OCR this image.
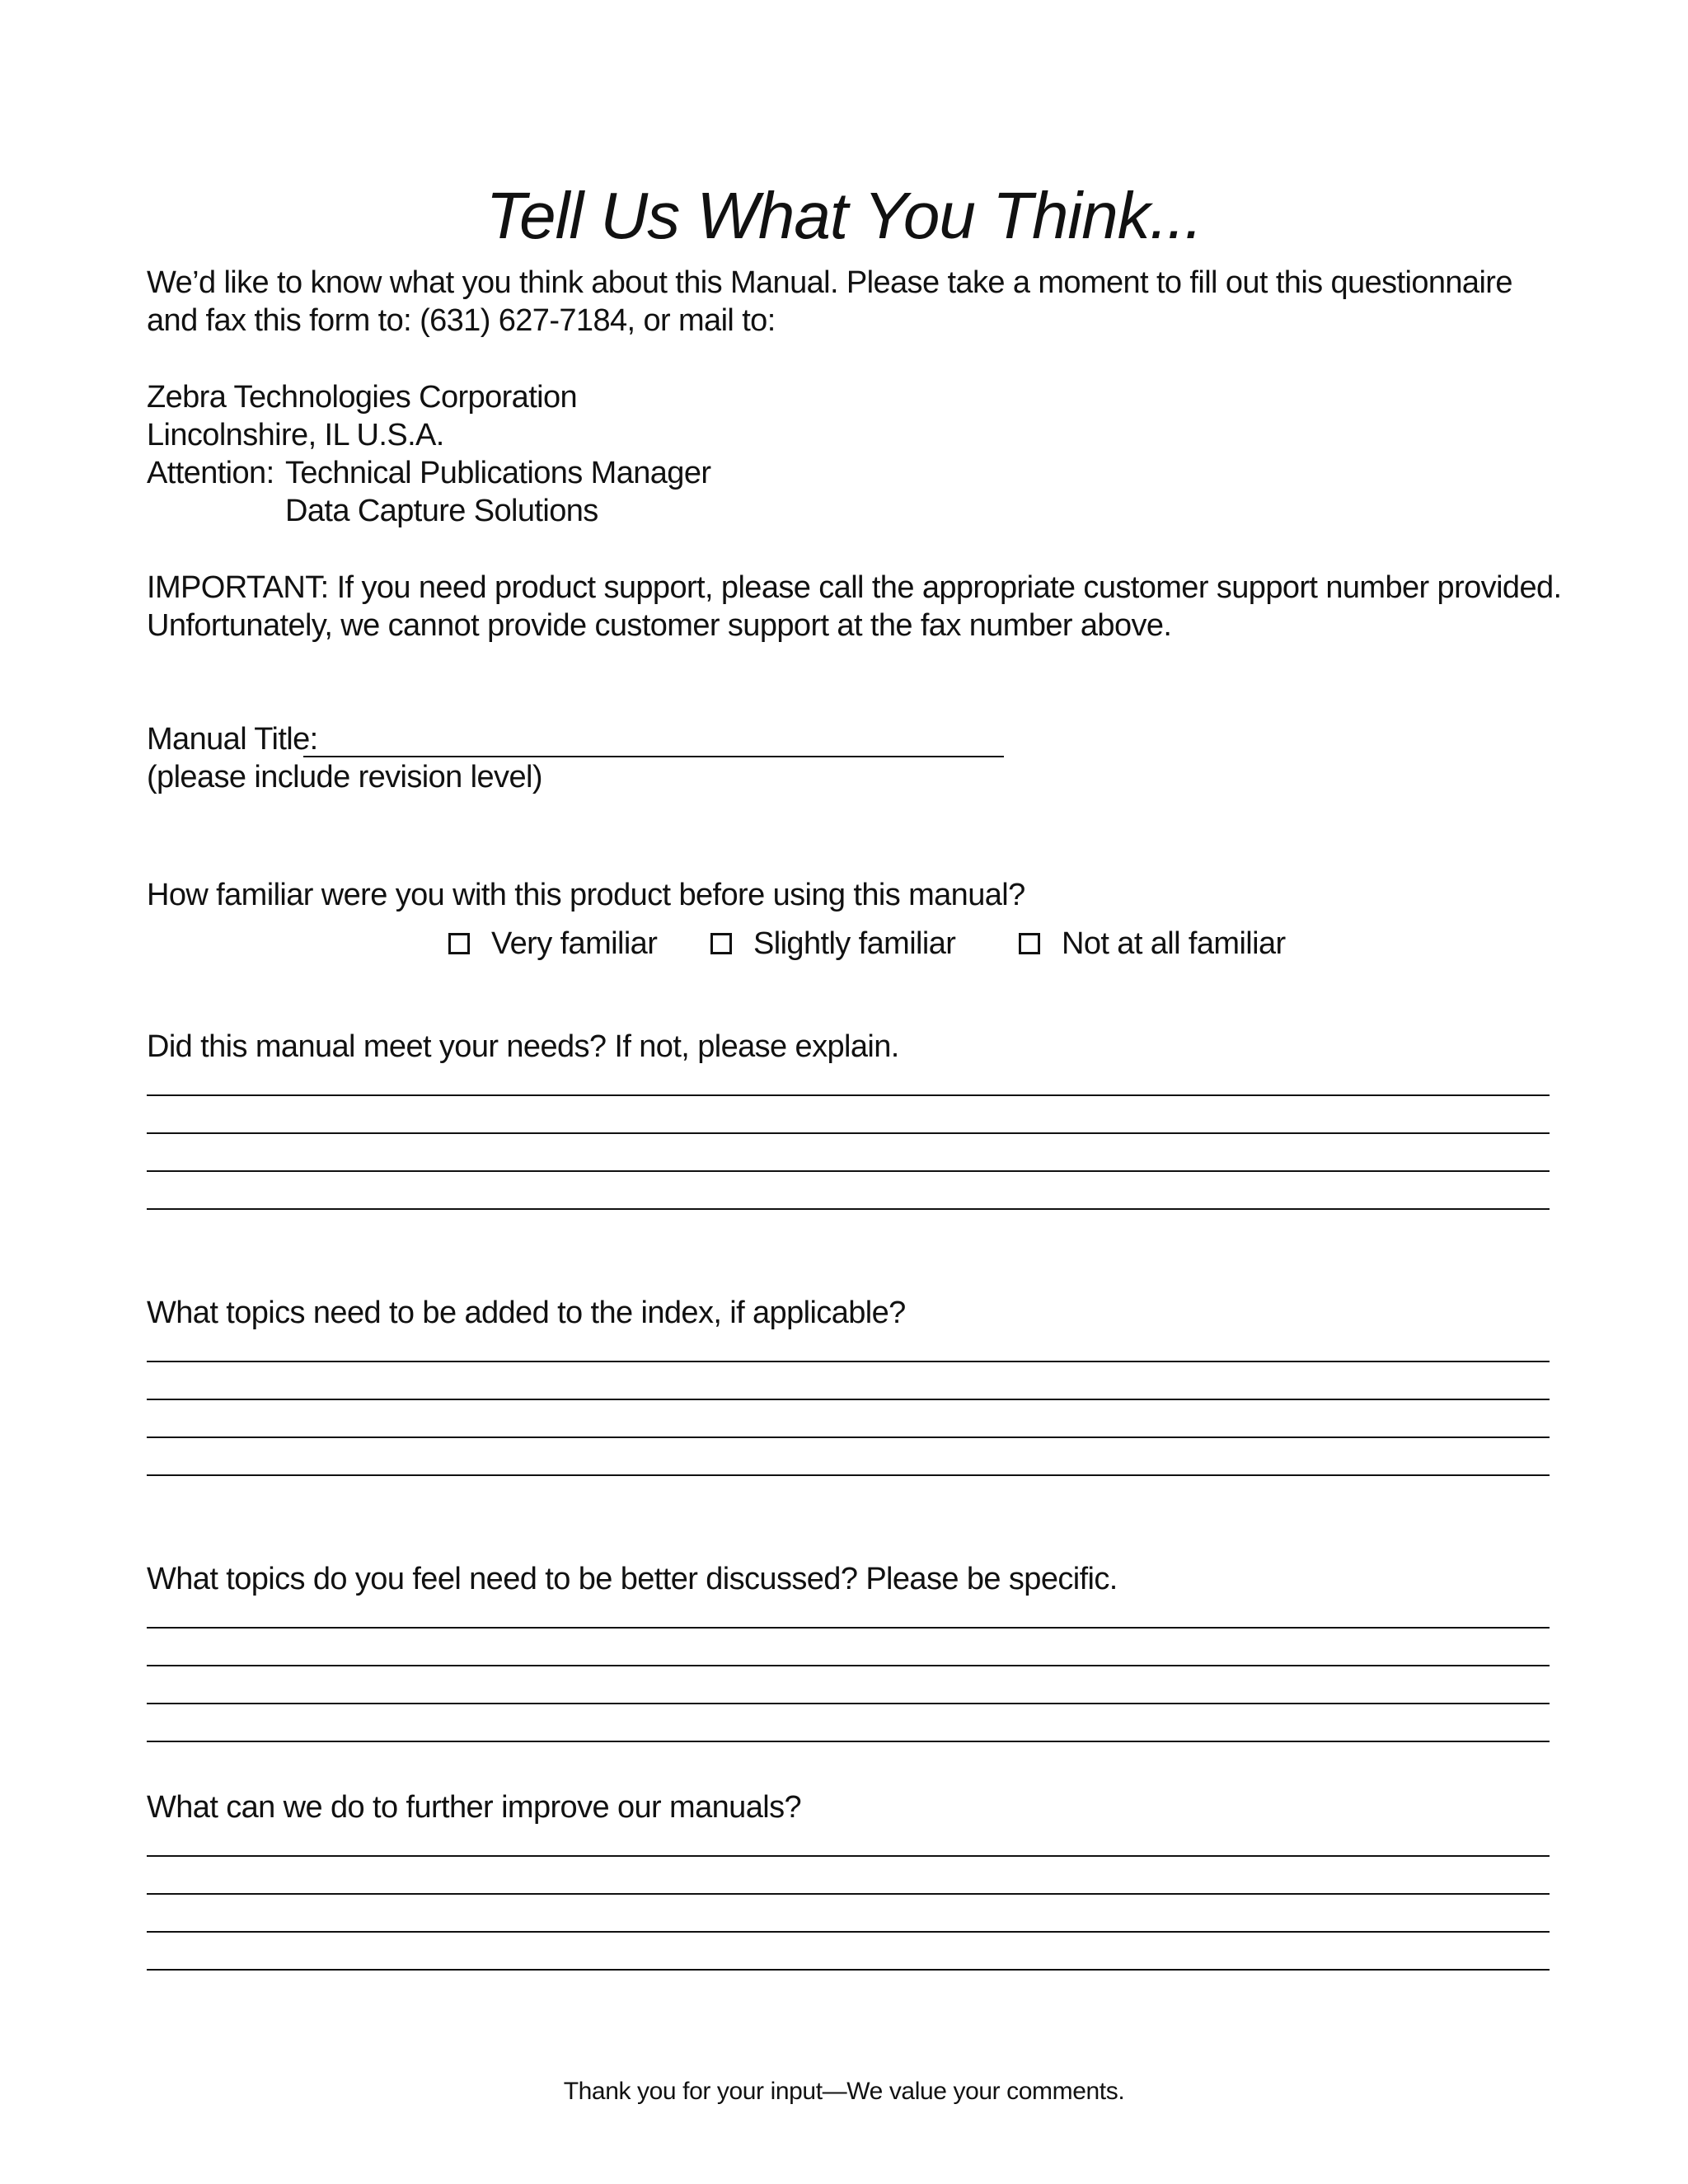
Tell Us What You Think...

We’d like to know what you think about this Manual. Please take a moment to fill out this questionnaire and fax this form to: (631) 627-7184, or mail to:

Zebra Technologies Corporation
Lincolnshire, IL U.S.A.
Attention: Technical Publications Manager
Data Capture Solutions

IMPORTANT: If you need product support, please call the appropriate customer support number provided. Unfortunately, we cannot provide customer support at the fax number above.

Manual Title:
(please include revision level)
How familiar were you with this product before using this manual?
Very familiar	Slightly familiar	Not at all familiar
Did this manual meet your needs? If not, please explain.
What topics need to be added to the index, if applicable?
What topics do you feel need to be better discussed? Please be specific.
What can we do to further improve our manuals?
Thank you for your input—We value your comments.
